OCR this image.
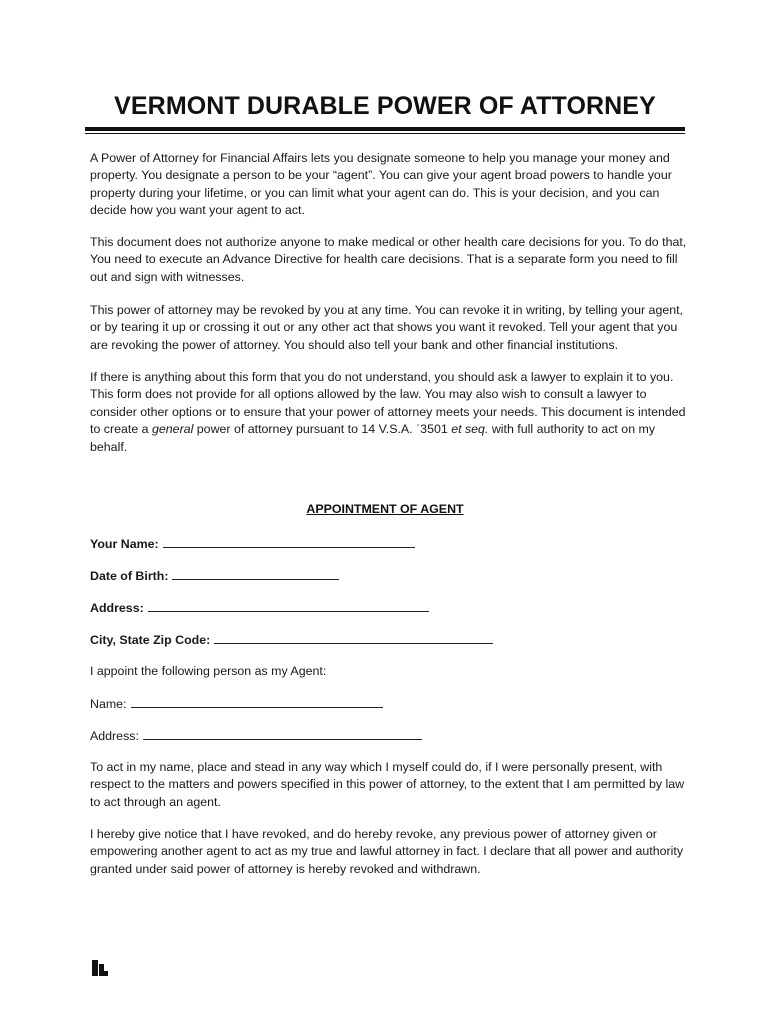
VERMONT DURABLE POWER OF ATTORNEY

A Power of Attorney for Financial Affairs lets you designate someone to help you manage your money and property. You designate a person to be your “agent”. You can give your agent broad powers to handle your property during your lifetime, or you can limit what your agent can do. This is your decision, and you can decide how you want your agent to act.

This document does not authorize anyone to make medical or other health care decisions for you. To do that, You need to execute an Advance Directive for health care decisions. That is a separate form you need to fill out and sign with witnesses.

This power of attorney may be revoked by you at any time. You can revoke it in writing, by telling your agent, or by tearing it up or crossing it out or any other act that shows you want it revoked. Tell your agent that you are revoking the power of attorney. You should also tell your bank and other financial institutions.

If there is anything about this form that you do not understand, you should ask a lawyer to explain it to you. This form does not provide for all options allowed by the law. You may also wish to consult a lawyer to consider other options or to ensure that your power of attorney meets your needs. This document is intended to create a general power of attorney pursuant to 14 V.S.A. ˈ3501 et seq. with full authority to act on my behalf.

APPOINTMENT OF AGENT
Your Name:
Date of Birth:
Address:
City, State Zip Code:
I appoint the following person as my Agent:
Name:
Address:

To act in my name, place and stead in any way which I myself could do, if I were personally present, with respect to the matters and powers specified in this power of attorney, to the extent that I am permitted by law to act through an agent.

I hereby give notice that I have revoked, and do hereby revoke, any previous power of attorney given or empowering another agent to act as my true and lawful attorney in fact. I declare that all power and authority granted under said power of attorney is hereby revoked and withdrawn.
